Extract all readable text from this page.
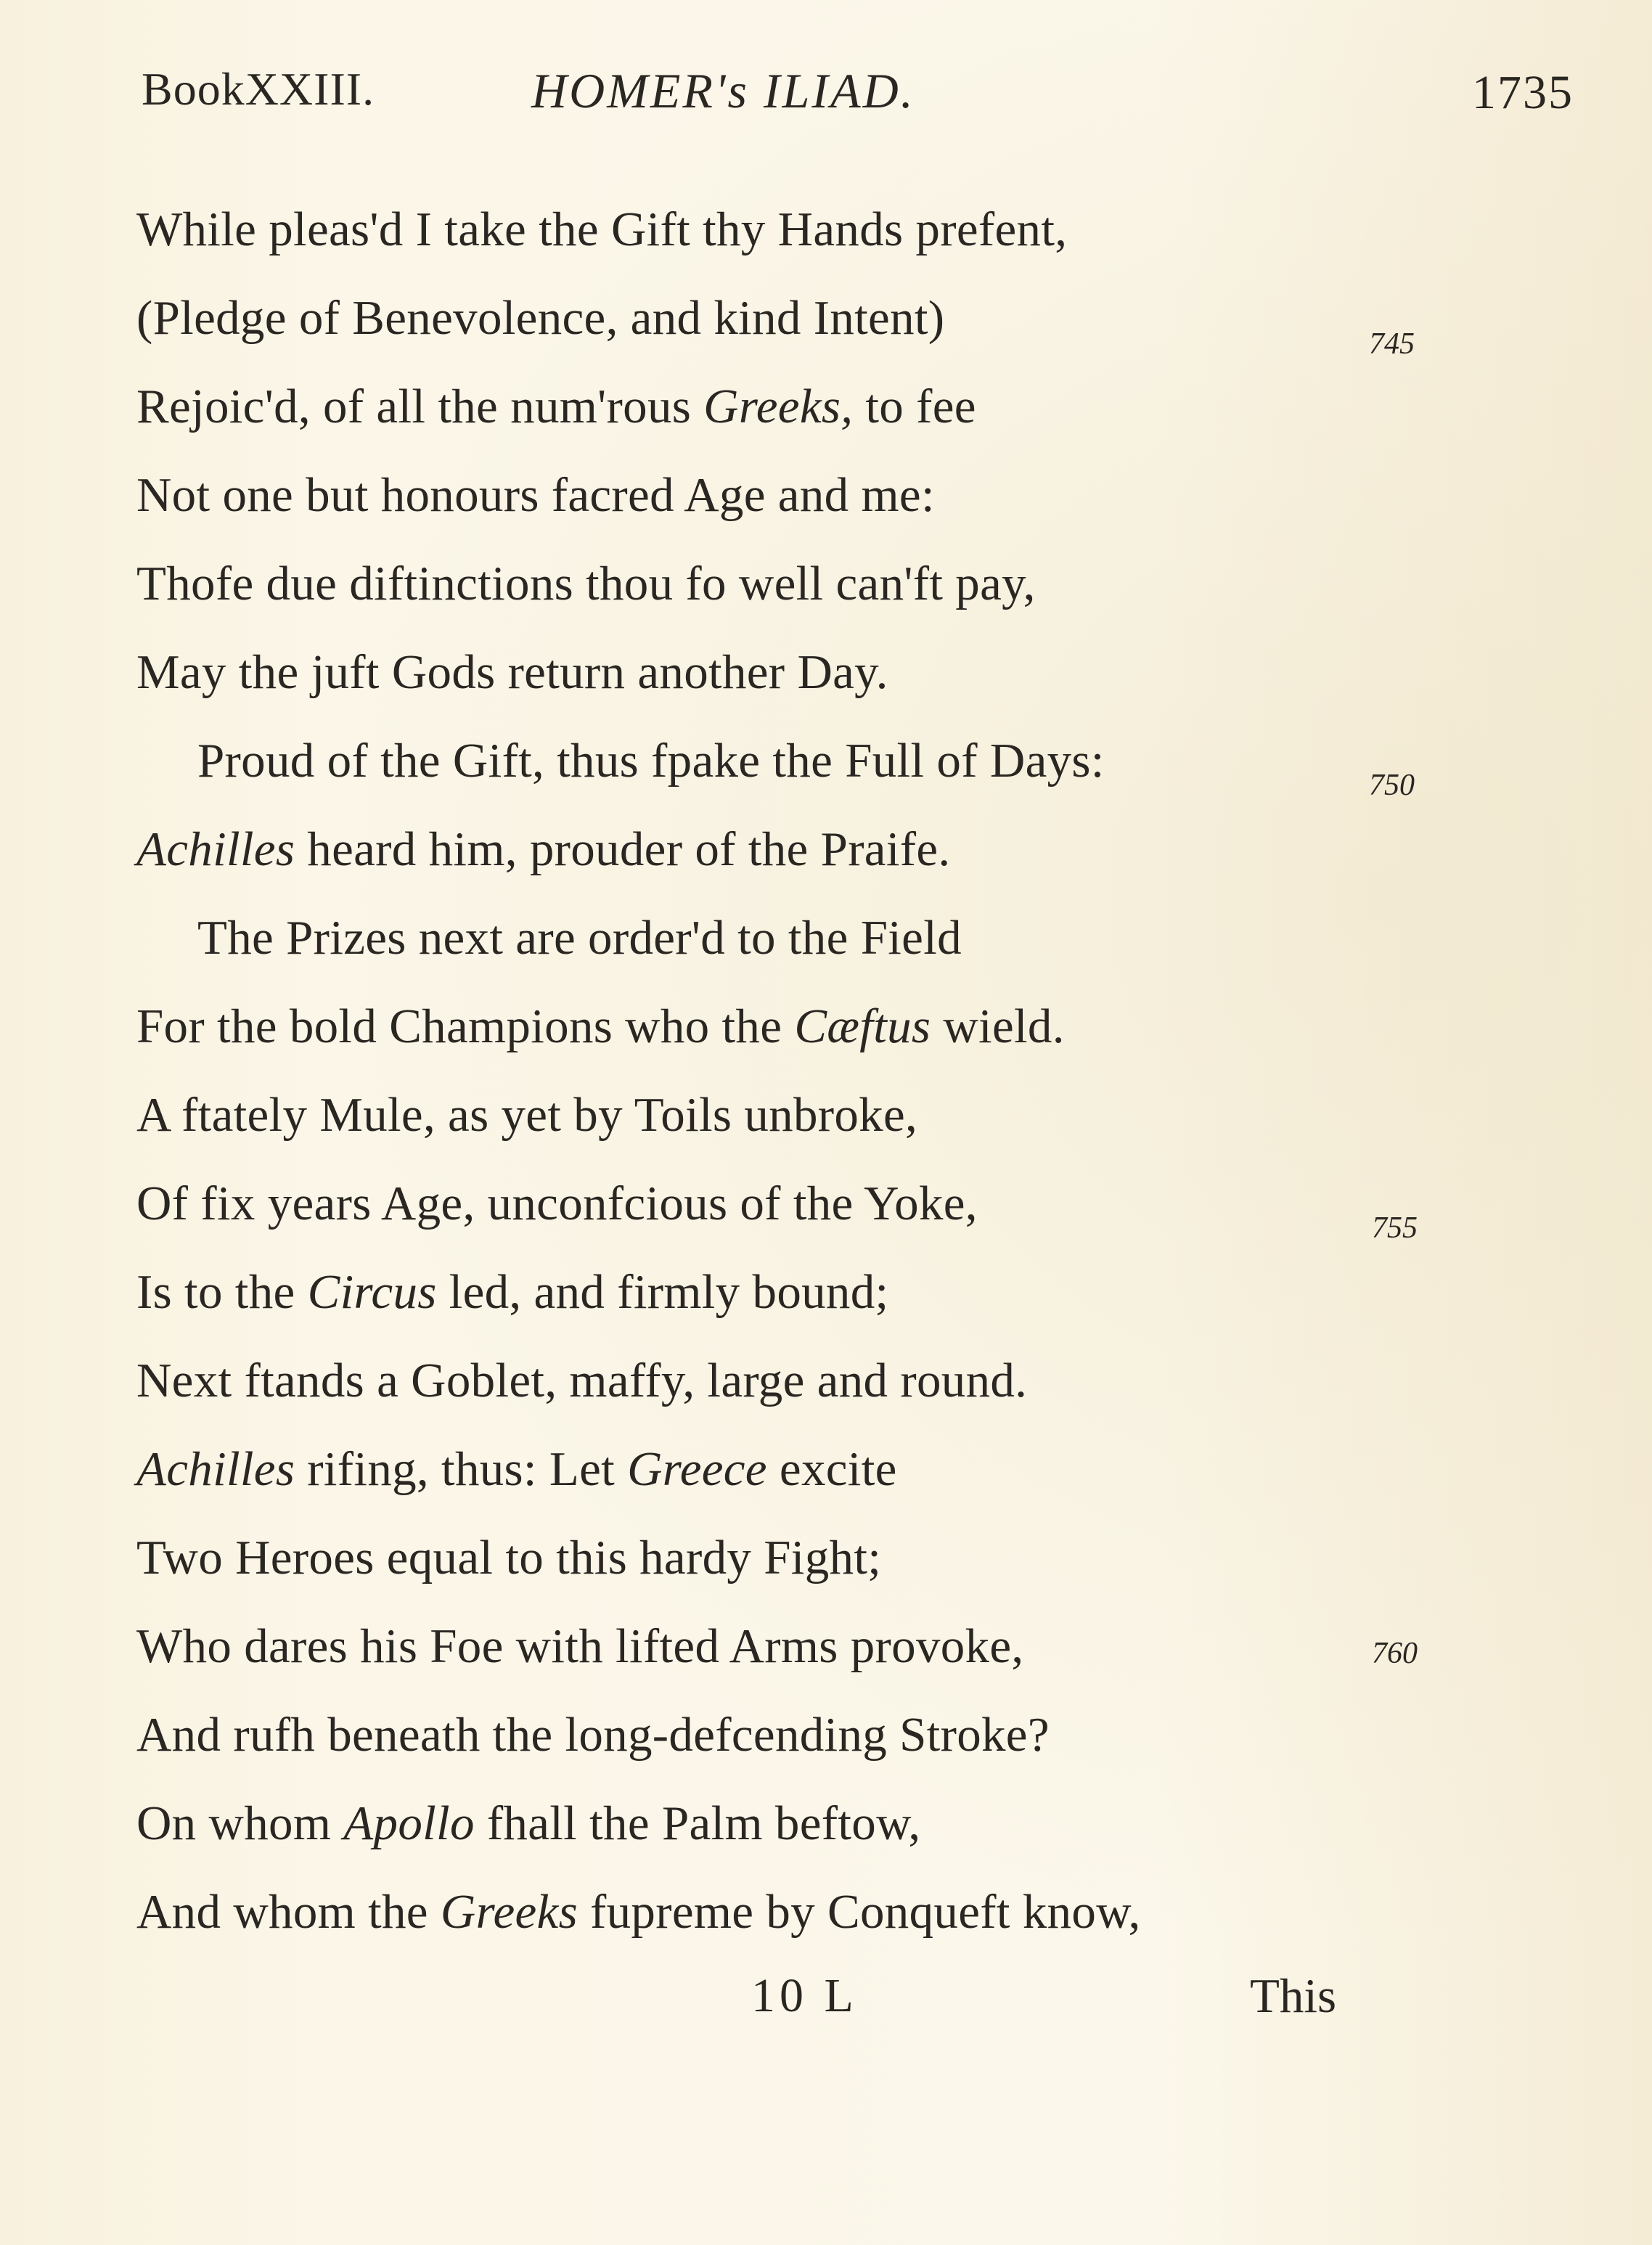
BookXXIII.	HOMER's ILIAD.	1735
While pleas'd I take the Gift thy Hands prefent,
(Pledge of Benevolence, and kind Intent)
Rejoic'd, of all the num'rous Greeks, to fee
Not one but honours facred Age and me:
Thofe due diftinctions thou fo well can'ft pay,
May the juft Gods return another Day.
Proud of the Gift, thus fpake the Full of Days:
Achilles heard him, prouder of the Praife.
The Prizes next are order'd to the Field
For the bold Champions who the Cæftus wield.
A ftately Mule, as yet by Toils unbroke,
Of fix years Age, unconfcious of the Yoke,
Is to the Circus led, and firmly bound;
Next ftands a Goblet, maffy, large and round.
Achilles rifing, thus: Let Greece excite
Two Heroes equal to this hardy Fight;
Who dares his Foe with lifted Arms provoke,
And rufh beneath the long-defcending Stroke?
On whom Apollo fhall the Palm beftow,
And whom the Greeks fupreme by Conqueft know,
745
750
755
760
10 L	This
